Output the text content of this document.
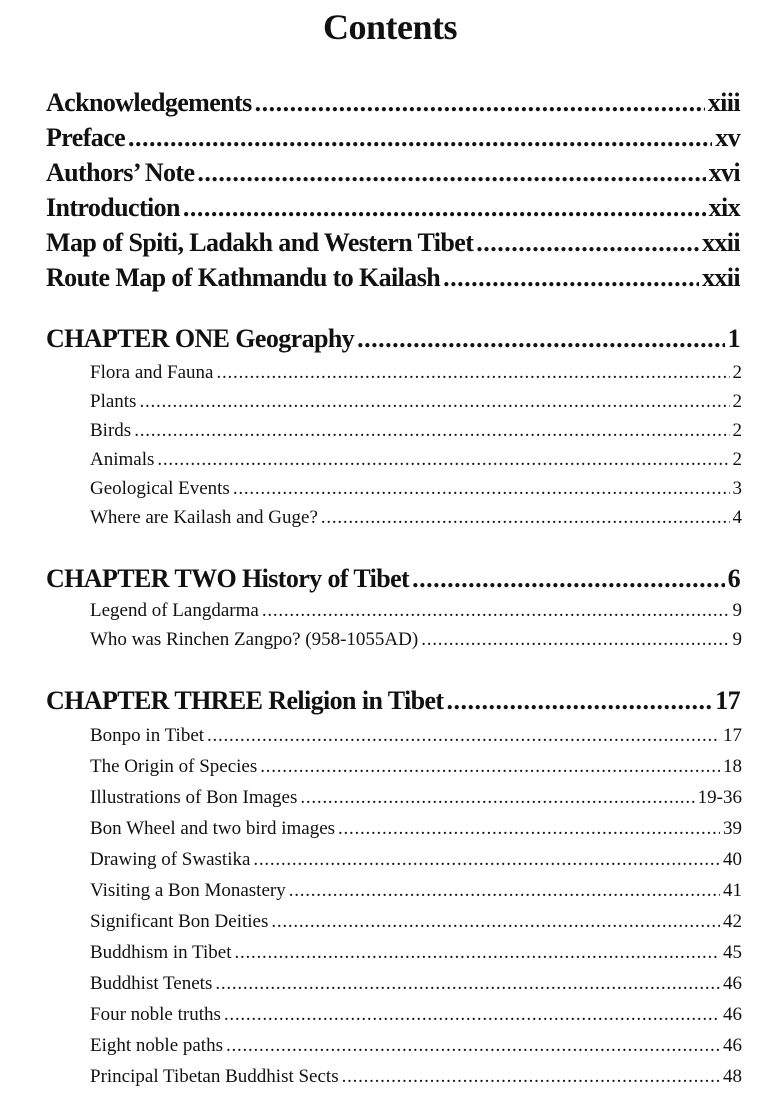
Contents
Acknowledgements . . .	xiii
Preface . . .	xv
Authors’ Note . . .	xvi
Introduction . . .	xix
Map of Spiti, Ladakh and Western Tibet . . .	xxii
Route Map of Kathmandu to Kailash . . .	xxii
CHAPTER ONE Geography . . .	1
Flora and Fauna . . .	2
Plants . . .	2
Birds . . .	2
Animals . . .	2
Geological Events . . .	3
Where are Kailash and Guge? . . .	4
CHAPTER TWO History of Tibet . . .	6
Legend of Langdarma . . .	9
Who was Rinchen Zangpo? (958-1055AD) . . .	9
CHAPTER THREE Religion in Tibet . . .	17
Bonpo in Tibet . . .	17
The Origin of Species . . .	18
Illustrations of Bon Images . . .	19-36
Bon Wheel and two bird images . . .	39
Drawing of Swastika . . .	40
Visiting a Bon Monastery . . .	41
Significant Bon Deities . . .	42
Buddhism in Tibet . . .	45
Buddhist Tenets . . .	46
Four noble truths . . .	46
Eight noble paths . . .	46
Principal Tibetan Buddhist Sects . . .	48
